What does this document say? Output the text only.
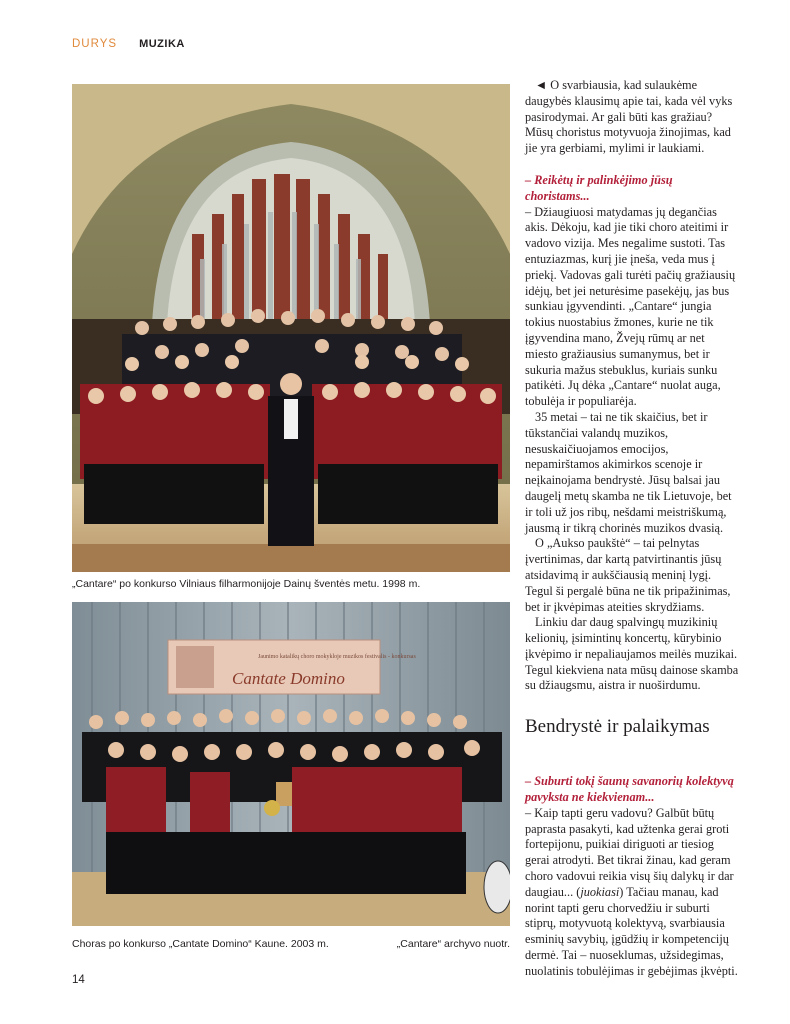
DURYS MUZIKA
„Cantare“ po konkurso Vilniaus filharmonijoje Dainų šventės metu. 1998 m.
Jaunimo katalikų choro mokykloje muzikos festivalis - konkursas
Cantate Domino
Choras po konkurso „Cantate Domino“ Kaune. 2003 m.	„Cantare“ archyvo nuotr.

◄ O svarbiausia, kad sulaukėme daugybės klausimų apie tai, kada vėl vyks pasirodymai. Ar gali būti kas gražiau? Mūsų choristus motyvuoja žinojimas, kad jie yra gerbiami, mylimi ir laukiami.

– Reikėtų ir palinkėjimo jūsų choristams...

– Džiaugiuosi matydamas jų degančias akis. Dėkoju, kad jie tiki choro ateitimi ir vadovo vizija. Mes negalime sustoti. Tas entuziazmas, kurį jie įneša, veda mus į priekį. Vadovas gali turėti pačių gražiausių idėjų, bet jei neturėsime pasekėjų, jas bus sunkiau įgyvendinti. „Cantare“ jungia tokius nuostabius žmones, kurie ne tik įgyvendina mano, Žvejų rūmų ar net miesto gražiausius sumanymus, bet ir sukuria mažus stebuklus, kuriais sunku patikėti. Jų dėka „Cantare“ nuolat auga, tobulėja ir populiarėja.

35 metai – tai ne tik skaičius, bet ir tūkstančiai valandų muzikos, nesuskaičiuojamos emocijos, nepamirštamos akimirkos scenoje ir neįkainojama bendrystė. Jūsų balsai jau daugelį metų skamba ne tik Lietuvoje, bet ir toli už jos ribų, nešdami meistriškumą, jausmą ir tikrą chorinės muzikos dvasią.

O „Aukso paukštė“ – tai pelnytas įvertinimas, dar kartą patvirtinantis jūsų atsidavimą ir aukščiausią meninį lygį. Tegul ši pergalė būna ne tik pripažinimas, bet ir įkvėpimas ateities skrydžiams.

Linkiu dar daug spalvingų muzikinių kelionių, įsimintinų koncertų, kūrybinio įkvėpimo ir nepaliaujamos meilės muzikai. Tegul kiekviena nata mūsų dainose skamba su džiaugsmu, aistra ir nuoširdumu.

Bendrystė ir palaikymas

– Suburti tokį šaunų savanorių kolektyvą pavyksta ne kiekvienam...

– Kaip tapti geru vadovu? Galbūt būtų paprasta pasakyti, kad užtenka gerai groti fortepijonu, puikiai diriguoti ar tiesiog gerai atrodyti. Bet tikrai žinau, kad geram choro vadovui reikia visų šių dalykų ir dar daugiau... (juokiasi) Tačiau manau, kad norint tapti geru chorvedžiu ir suburti stiprų, motyvuotą kolektyvą, svarbiausia esminių savybių, įgūdžių ir kompetencijų dermė. Tai – nuoseklumas, užsidegimas, nuolatinis tobulėjimas ir gebėjimas įkvėpti.

14
